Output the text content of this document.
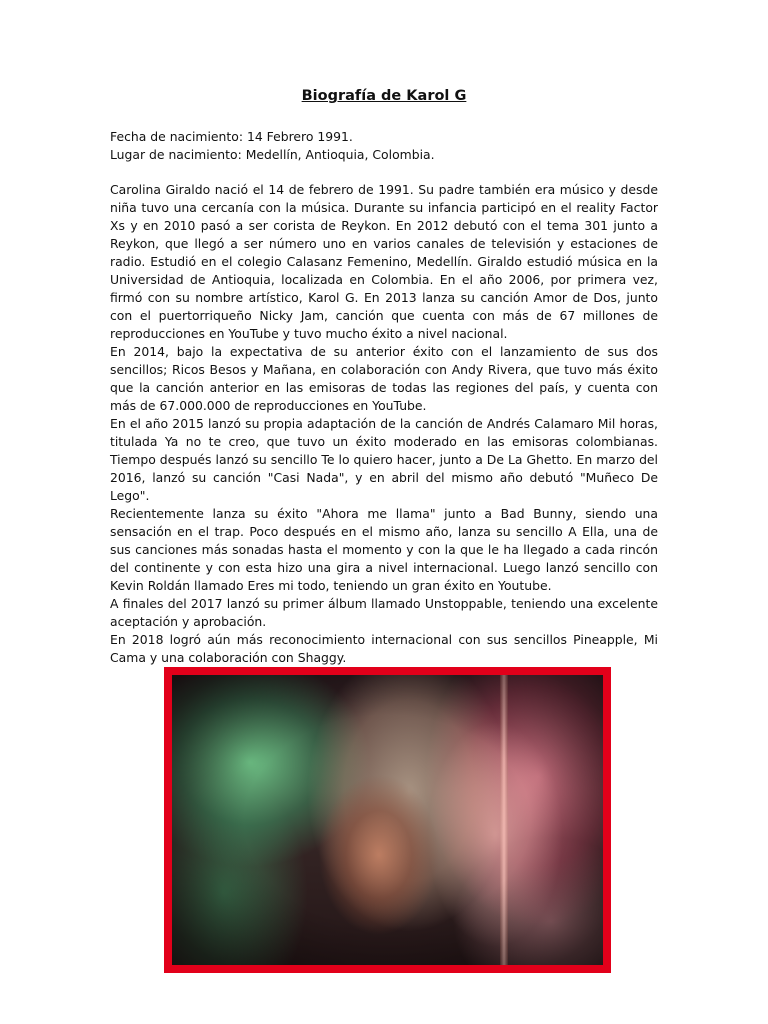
Biografía de Karol G
Fecha de nacimiento: 14 Febrero 1991.
Lugar de nacimiento: Medellín, Antioquia, Colombia.

Carolina Giraldo nació el 14 de febrero de 1991. Su padre también era músico y desde niña tuvo una cercanía con la música. Durante su infancia participó en el reality Factor Xs y en 2010 pasó a ser corista de Reykon. En 2012 debutó con el tema 301 junto a Reykon, que llegó a ser número uno en varios canales de televisión y estaciones de radio. Estudió en el colegio Calasanz Femenino, Medellín. Giraldo estudió música en la Universidad de Antioquia, localizada en Colombia. En el año 2006, por primera vez, firmó con su nombre artístico, Karol G. En 2013 lanza su canción Amor de Dos, junto con el puertorriqueño Nicky Jam, canción que cuenta con más de 67 millones de reproducciones en YouTube y tuvo mucho éxito a nivel nacional.

En 2014, bajo la expectativa de su anterior éxito con el lanzamiento de sus dos sencillos; Ricos Besos y Mañana, en colaboración con Andy Rivera, que tuvo más éxito que la canción anterior en las emisoras de todas las regiones del país, y cuenta con más de 67.000.000 de reproducciones en YouTube.

En el año 2015 lanzó su propia adaptación de la canción de Andrés Calamaro Mil horas, titulada Ya no te creo, que tuvo un éxito moderado en las emisoras colombianas. Tiempo después lanzó su sencillo Te lo quiero hacer, junto a De La Ghetto. En marzo del 2016, lanzó su canción "Casi Nada", y en abril del mismo año debutó "Muñeco De Lego".

Recientemente lanza su éxito "Ahora me llama" junto a Bad Bunny, siendo una sensación en el trap. Poco después en el mismo año, lanza su sencillo A Ella, una de sus canciones más sonadas hasta el momento y con la que le ha llegado a cada rincón del continente y con esta hizo una gira a nivel internacional. Luego lanzó sencillo con Kevin Roldán llamado Eres mi todo, teniendo un gran éxito en Youtube.

A finales del 2017 lanzó su primer álbum llamado Unstoppable, teniendo una excelente aceptación y aprobación.

En 2018 logró aún más reconocimiento internacional con sus sencillos Pineapple, Mi Cama y una colaboración con Shaggy.
